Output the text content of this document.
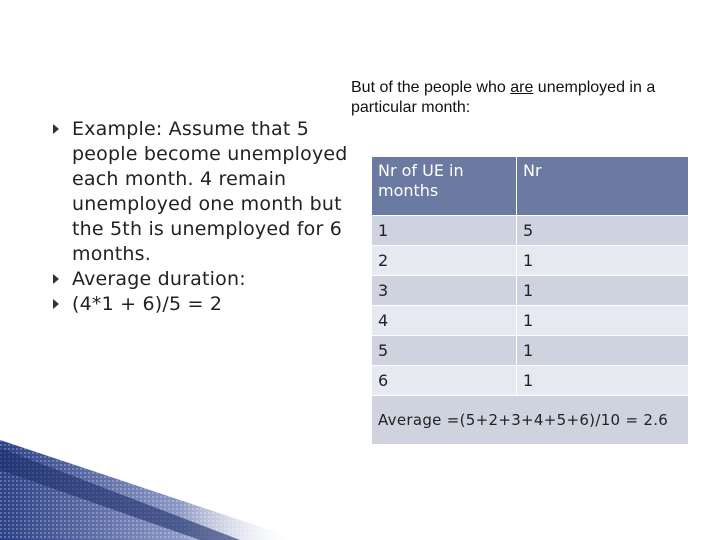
Example: Assume that 5 people become unemployed each month. 4 remain unemployed one month but the 5th is unemployed for 6 months.
Average duration:
(4*1 + 6)/5 = 2
But of the people who are unemployed in a particular month:
Nr of UE in months	Nr
1	5
2	1
3	1
4	1
5	1
6	1
Average =(5+2+3+4+5+6)/10 = 2.6	
